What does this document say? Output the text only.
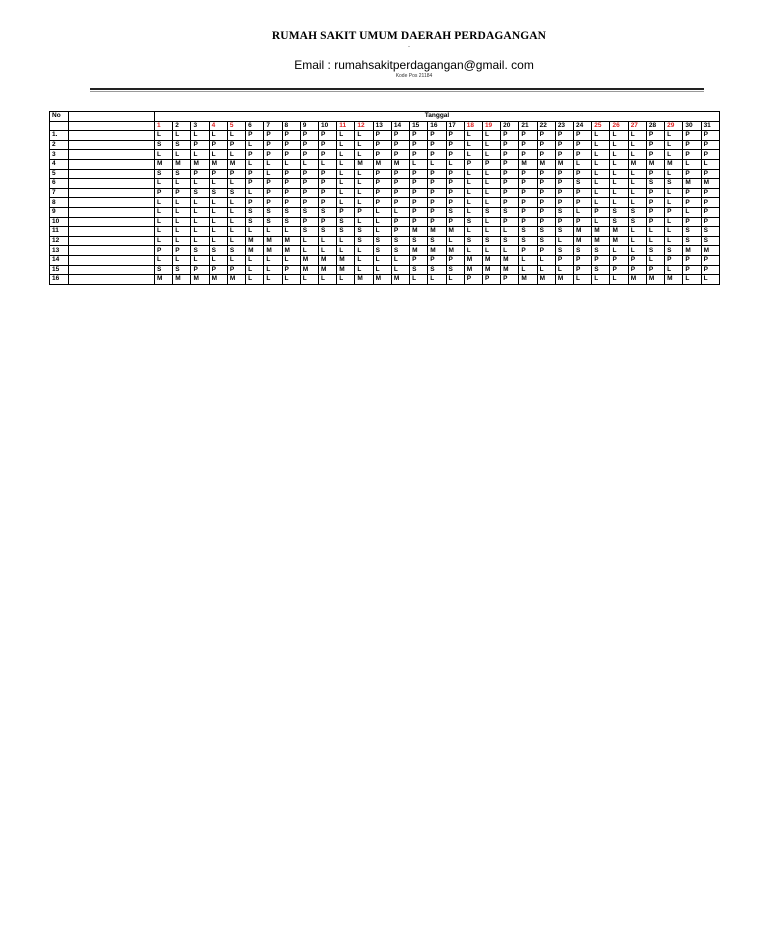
RUMAH SAKIT UMUM DAERAH PERDAGANGAN
-
Email : rumahsakitperdagangan@gmail. com
Kode Pos 21184
No		Tanggal																														
		1	2	3	4	5	6	7	8	9	10	11	12	13	14	15	16	17	18	19	20	21	22	23	24	25	26	27	28	29	30	31
1.		L	L	L	L	L	P	P	P	P	P	L	L	P	P	P	P	P	L	L	P	P	P	P	P	L	L	L	P	L	P	P
2		S	S	P	P	P	L	P	P	P	P	L	L	P	P	P	P	P	L	L	P	P	P	P	P	L	L	L	P	L	P	P
3		L	L	L	L	L	P	P	P	P	P	L	L	P	P	P	P	P	L	L	P	P	P	P	P	L	L	L	P	L	P	P
4		M	M	M	M	M	L	L	L	L	L	L	M	M	M	L	L	L	P	P	P	M	M	M	L	L	L	M	M	M	L	L
5		S	S	P	P	P	P	L	P	P	P	L	L	P	P	P	P	P	L	L	P	P	P	P	P	L	L	L	P	L	P	P
6		L	L	L	L	L	P	P	P	P	P	L	L	P	P	P	P	P	L	L	P	P	P	P	S	L	L	L	S	S	M	M
7		P	P	S	S	S	L	P	P	P	P	L	L	P	P	P	P	P	L	L	P	P	P	P	P	L	L	L	P	L	P	P
8		L	L	L	L	L	P	P	P	P	P	L	L	P	P	P	P	P	L	L	P	P	P	P	P	L	L	L	P	L	P	P
9		L	L	L	L	L	S	S	S	S	S	P	P	L	L	P	P	S	L	S	S	P	P	S	L	P	S	S	P	P	L	P
10		L	L	L	L	L	S	S	S	P	P	S	L	L	P	P	P	P	S	L	P	P	P	P	P	L	S	S	P	L	P	P
11		L	L	L	L	L	L	L	L	S	S	S	S	L	P	M	M	M	L	L	L	S	S	S	M	M	M	L	L	L	S	S
12		L	L	L	L	L	M	M	M	L	L	L	S	S	S	S	S	L	S	S	S	S	S	L	M	M	M	L	L	L	S	S
13		P	P	S	S	S	M	M	M	L	L	L	L	S	S	M	M	M	L	L	L	P	P	S	S	S	L	L	S	S	M	M
14		L	L	L	L	L	L	L	L	M	M	M	L	L	L	P	P	P	M	M	M	L	L	P	P	P	P	P	L	P	P	P
15		S	S	P	P	P	L	L	P	M	M	M	L	L	L	S	S	S	M	M	M	L	L	L	P	S	P	P	P	L	P	P
16		M	M	M	M	M	L	L	L	L	L	L	M	M	M	L	L	L	P	P	P	M	M	M	L	L	L	M	M	M	L	L
